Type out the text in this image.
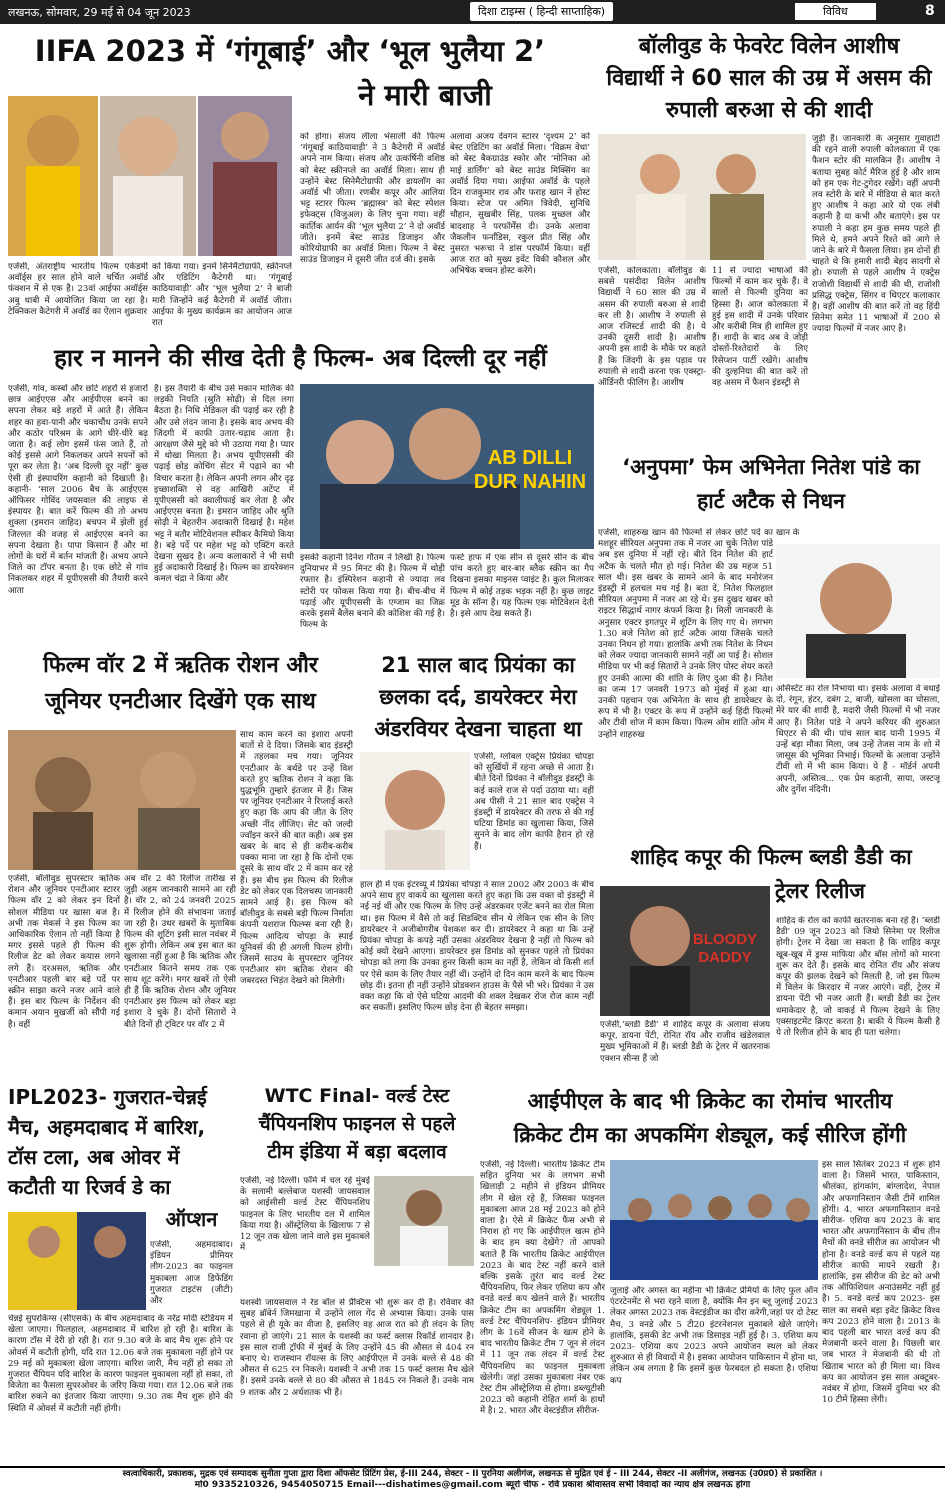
लखनऊ, सोमवार, 29 मई से 04 जून 2023	दिशा टाइम्स ( हिन्दी साप्ताहिक)	विविध	8
IIFA 2023 में ‘गंगूबाई’ और ‘भूल भुलैया 2’
ने मारी बाजी
एजेंसी, अंतराष्ट्रीय भारतीय फिल्म एकेडमी अवॉर्ड्स हर साल होने वाले चर्चित अवॉर्ड फंक्शन में से एक है। 23वां आईफा अवॉर्ड्स अबु धाबी में आयोजित किया जा रहा है। टेक्निकल कैटेगरी में अवॉर्ड का ऐलान शुक्रवार
को किया गया। इनमें सिनेमैटोग्राफी, स्क्रीनप्ले और एडिटिंग कैटेगरी था। ‘गंगूबाई काठियावाड़ी’ और ‘भूल भुलैया 2’ ने बाजी मारी जिन्होंने कई कैटेगरी में अवॉर्ड जीता। आईफा के मुख्य कार्यक्रम का आयोजन आज रात
को होगा। संजय लीला भंसाली की फिल्म ‘गंगूबाई काठियावाड़ी’ ने 3 कैटेगरी में अवॉर्ड अपने नाम किया। संजय और उत्कर्षिनी वशिष्ठ को बेस्ट स्क्रीनप्ले का अवॉर्ड मिला। साथ ही उन्होंने बेस्ट सिनेमैटोग्राफी और डायलॉग का अवॉर्ड भी जीता। रणबीर कपूर और आलिया भट्ट स्टारर फिल्म ‘ब्रह्मास्त्र’ को बेस्ट स्पेशल इफेक्ट्स (विजुअल) के लिए चुना गया। वहीं कार्तिक आर्यन की ‘भूल भुलैया 2’ ने दो अवॉर्ड जीते। इनमें बेस्ट साउंड डिजाइन और कोरियोग्राफी का अवॉर्ड मिला। फिल्म ने बेस्ट साउंड डिजाइन में दूसरी जीत दर्ज की। इसके
अलावा अजय देवगन स्टारर ‘दृश्यम 2’ को बेस्ट एडिटिंग का अवॉर्ड मिला। ‘विक्रम वेधा’ को बेस्ट बैकग्राउंड स्कोर और ‘मोनिका ओ माई डार्लिंग’ को बेस्ट साउंड मिक्सिंग का अवॉर्ड दिया गया। आईफा अवॉर्ड के पहले दिन राजकुमार राव और फराह खान ने होस्ट किया। स्टेज पर अमित त्रिवेदी, सुनिधि चौहान, सुखबीर सिंह, पलक मुच्छल और बादशाह ने परफॉर्मेंस दी। उनके अलावा जैकलीन फर्नांडिस, रकुल प्रीत सिंह और नुसरत भरूचा ने डांस परफॉर्म किया। वहीं आज रात को मुख्य इवेंट विकी कौशल और अभिषेक बच्चन होस्ट करेंगे।
बॉलीवुड के फेवरेट विलेन आशीष
विद्यार्थी ने 60 साल की उम्र में असम की
रुपाली बरुआ से की शादी
एजेंसी, कोलकाता। बॉलीवुड के सबसे पसंदीदा विलेन आशीष विद्यार्थी ने 60 साल की उम्र में असम की रुपाली बरुआ से शादी कर ली है। आशीष ने रुपाली से आज रजिस्टर्ड शादी की है। ये उनकी दूसरी शादी है। आशीष अपनी इस शादी के मौके पर कहते हैं कि जिंदगी के इस पड़ाव पर रुपाली से शादी करना एक एक्स्ट्रा-ऑर्डिनरी फीलिंग है। आशीष
11 से ज्यादा भाषाओं की फिल्मों में काम कर चुके हैं। वे सालों से फिल्मी दुनिया का हिस्सा हैं। आज कोलकाता में हुई इस शादी में उनके परिवार और करीबी मित्र ही शामिल हुए हैं। शादी के बाद अब वे जोड़ी दोस्तों-रिश्तेदारों के लिए रिसेप्शन पार्टी रखेंगे। आशीष की दुल्हनिया की बात करें तो वह असम में फैशन इंडस्ट्री से
जुड़ी हैं। जानकारी के अनुसार गुवाहाटी की रहने वाली रुपाली कोलकाता में एक फैशन स्टोर की मालकिन हैं। आशीष ने बताया सुबह कोर्ट मैरिज हुई है और शाम को हम एक गेट-टुगेदर रखेंगे। वहीं अपनी लव स्टोरी के बारे में मीडिया से बात करते हुए आशीष ने कहा आरे यो एक लंबी कहानी है या कभी और बताएंगे। इस पर रुपाली ने कहा हम कुछ समय पहले ही मिले थे, हमने अपने रिश्ते को आगे ले जाने के बारे में फैसला लिया। हम दोनों ही चाहते थे कि हमारी शादी बेहद सादगी से हो। रुपाली से पहले आशीष ने एक्ट्रेस राजोशी विद्यार्थी से शादी की थी, राजोशी प्रसिद्ध एक्ट्रेस, सिंगर व थिएटर कलाकार हैं। वहीं आशीष की बात करें तो वह हिंदी सिनेमा समेत 11 भाषाओं में 200 से ज्यादा फिल्मों में नजर आए है।
हार न मानने की सीख देती है फिल्म- अब दिल्ली दूर नहीं
एजेंसी, गांव, कस्बों और छोटे शहरों से हजारों छात्र आईएएस और आईपीएस बनने का सपना लेकर बड़े शहरों में आते हैं। लेकिन शहर का हवा-पानी और चकाचौंध उनके सपने और कठोर परिश्रम के आगे धीरे-धीरे बढ़ जाता है। कई लोग इसमें फंस जाते हैं, तो कोई इससे आगे निकलकर अपने सपनों को पूरा कर लेता है। ‘अब दिल्ली दूर नहीं’ कुछ ऐसी ही इंस्पायरिंग कहानी को दिखाती है। कहानी- ‘साल 2006 बैच के आईएएस ऑफिसर गोविंद जयसवाल की लाइफ से इंस्पायर है। बात करें फिल्म की तो अभय शुक्ला (इमरान जाहिद) बचपन में झेली हुई जिल्लत की वजह से आईएएस बनने का सपना देखता है। पापा किसान हैं और मां लोगों के घरों में बर्तन मांजती हैं। अभय अपने जिले का टॉपर बनता है। एक छोटे से गांव निकलकर शहर में यूपीएससी की तैयारी करने आता
है। इस तैयारी के बीच उसे मकान मालिक की लड़की नियति (स्रुति सोढ़ी) से दिल लगा बैठता है। निधि मेडिकल की पढ़ाई कर रही है और उसे लंदन जाना है। इसके बाद अभय की जिंदगी में काफी उतार-चढ़ाव आता है। आरक्षण जैसे मुद्दे को भी उठाया गया है। प्यार में धोखा मिलता है। अभय यूपीएससी की पढ़ाई छोड़ कोचिंग सेंटर में पढ़ाने का भी विचार करता है। लेकिन अपनी लगन और दृढ़ इच्छाशक्ति से वह आखिरी अटेंप्ट में यूपीएससी को क्वालीफाई कर लेता है और आईएएस बनता है। इमरान जाहिद और श्रुति सोढ़ी ने बेहतरीन अदाकारी दिखाई है। महेश भट्ट ने बतौर मोटिवेशनल स्पीकर कैमियो किया है। बड़े पर्दे पर महेश भट्ट को एक्टिंग करते देखना सुखद है। अन्य कलाकारों ने भी सधी हुई अदाकारी दिखाई है। फिल्म का डायरेक्शन कमल चंद्रा ने किया और
AB DILLI
DUR NAHIN
इसकी कहानी दिनेश गौतम ने लिखी है। फिल्म दुनियाभर में 95 मिनट की है। फिल्म में थोड़ी रफ्तार है। इंस्पिरेशन कहानी से ज्यादा लव स्टोरी पर फोकस किया गया है। बीच-बीच में पढ़ाई और यूपीएससी के एग्जाम का जिक्र करके इसमें बैलेंस बनाने की कोशिश की गई है। फिल्म के
फर्स्ट हाफ में एक सीन से दूसरे सीन के बीच पांच करते हुए बार-बार ब्लैक स्क्रीन का गैप दिखना इसका माइनस प्वाइंट है। कुल मिलाकर फिल्म में कोई तड़क भड़क नहीं है। कुछ लाइट मूड के सॉन्ग हैं। यह फिल्म एक मोटिवेशन देती है। इसे आप देख सकते हैं।
‘अनुपमा’ फेम अभिनेता नितेश पांडे का
हार्ट अटैक से निधन
एजेंसी, शाहरुख खान की फिल्मों से लेकर छोटे पर्दे का मशहूर सीरियल अनुपमा तक में नजर आ चुके नितेश पांडे अब इस दुनिया में नहीं रहे। बीते दिन नितेश की हार्ट अटैक के चलते मौत हो गई। नितेश की उम्र महज 51 साल थी। इस खबर के सामने आने के बाद मनोरंजन इंडस्ट्री में हलचल मच गई है। बता दें, नितेश फिलहाल सीरियल अनुपमा में नजर आ रहे थे। इस दुखद खबर को राइटर सिद्धार्थ नागर कंफर्म किया है। मिली जानकारी के अनुसार एक्टर इगतपुर में शूटिंग के लिए गए थे। लगभग 1.30 बजे नितेश को हार्ट अटैक आया जिसके चलते उनका निधन हो गया। हालांकि अभी तक नितेश के निधन को लेकर ज्यादा जानकारी सामने नहीं आ पाई है। सोशल मीडिया पर भी कई सितारों ने उनके लिए पोस्ट शेयर करते हुए उनकी आत्मा की शांति के लिए दुआ की है। नितेश का जन्म 17 जनवरी 1973 को मुंबई में हुआ था। उनकी पहचान एक अभिनेता के साथ ही डायरेक्टर के रूप में भी है। एक्टर के रूप में उन्होंने कई हिंदी फिल्मों और टीवी शोज में काम किया। फिल्म ओम शांति ओम में उन्होंने शाहरुख
खान के
असिस्टेंट का रोल निभाया था। इसके अलावा वे बधाई दो, रंगून, हंटर, दबंग 2, बाजी, खोसला का घोसला, मेरे यार की शादी है, मदारी जैसी फिल्मों में भी नजर आए हैं। नितेश पांडे ने अपने करियर की शुरुआत थिएटर से की थी। पांच साल बाद यानी 1995 में उन्हें बड़ा मौका मिला, जब उन्हें तेजस नाम के शो में जासूस की भूमिका निभाई। फिल्मों के अलावा उन्होंने टीवी शो में भी काम किया। ये हैं - मॉर्डर्न अपनी अपनी, अस्तित्व... एक प्रेम कहानी, साया, जस्टजू और दुर्गेश नंदिनी।
फिल्म वॉर 2 में ऋतिक रोशन और
जूनियर एनटीआर दिखेंगे एक साथ
एजेंसी, बॉलीवुड सुपरस्टार ऋतिक रोशन और जूनियर एनटीआर स्टारर फिल्म वॉर 2 को लेकर इन दिनों सोशल मीडिया पर खासा बज है। अभी तक मेकर्स ने इस फिल्म का आधिकारिक ऐलान तो नहीं किया है मगर इससे पहले ही फिल्म की रिलीज डेट को लेकर कयास लगने लगे हैं। दरअसल, ऋतिक और एनटीआर पहली बार बड़े पर्दे पर स्क्रीन साझा करने नजर आने वाले हैं। इस बार फिल्म के निर्देशन की कमान अयान मुखर्जी को सौंपी गई है। वहीं
अब वॉर 2 की रिलीज तारीख से जुड़ी अहम जानकारी सामने आ रही है। वॉर 2, को 24 जनवरी 2025 में रिलीज होने की संभावना जताई जा रही है। उधर खबरों के मुताबिक फिल्म की शूटिंग इसी साल नवंबर में शुरू होगी। लेकिन अब इस बात का खुलासा नहीं हुआ है कि ऋतिक और एनटीआर कितने समय तक एक साथ शूट करेंगे। मगर खबरें तो ऐसी ही हैं कि ऋतिक रोशन और जूनियर एनटीआर इस फिल्म को लेकर बड़ा इशारा दे चुके हैं। दोनों सितारों ने बीते दिनों ही ट्विटर पर वॉर 2 में
साथ काम करने का इशारा अपनी बातों से दे दिया। जिसके बाद इंडस्ट्री में तहलका मच गया। जूनियर एनटीआर के बर्थडे पर उन्हें विश करते हुए ऋतिक रोशन ने कहा कि युद्धभूमि तुम्हारे इंतजार में हैं। जिस पर जूनियर एनटीआर ने रिप्लाई करते हुए कहा कि आप की जीत के लिए अच्छी नींद लीजिए। सेट को जल्दी ज्वॉइन करने की बात कही। अब इस खबर के बाद से ही करीब-करीब पक्का माना जा रहा है कि दोनों एक दूसरे के साथ वॉर 2 में काम कर रहे हैं। इस बीच इस फिल्म की रिलीज डेट को लेकर एक दिलचस्प जानकारी सामने आई है। इस फिल्म को बॉलीवुड के सबसे बड़ी फिल्म निर्माता कंपनी यशराज फिल्म्स बना रही है। फिल्म आदित्य चोपड़ा के स्पाई यूनिवर्स की ही अगली फिल्म होगी। जिसमें साउथ के सुपरस्टार जूनियर एनटीआर संग ऋतिक रोशन की जबरदस्त भिड़ंत देखने को मिलेगी।
21 साल बाद प्रियंका का
छलका दर्द, डायरेक्टर मेरा
अंडरवियर देखना चाहता था
एजेंसी, ग्लोबल एक्ट्रेस प्रियंका चोपड़ा को सुर्खियों में रहना अच्छे से आता है। बीते दिनों प्रियंका ने बॉलीवुड इंडस्ट्री के कई काले राज से पर्दा उठाया था। वहीं अब पीसी ने 21 साल बाद एक्ट्रेस ने इंडस्ट्री में डायरेक्टर की तरफ से की गई घटिया डिमांड का खुलासा किया, जिसे सुनने के बाद लोग काफी हैरान हो रहे हैं।
हाल ही में एक इंटरव्यू में प्रियंका चोपड़ा ने साल 2002 और 2003 के बीच अपने साथ हुए वाकये का खुलासा करते हुए कहा कि उस वक्त वो इंडस्ट्री में नई नई थीं और एक फिल्म के लिए उन्हें अंडरकवर एजेंट बनने का रोल मिला था। इस फिल्म में वैसे तो कई सिडक्टिव सीन थे लेकिन एक सीन के लिए डायरेक्टर ने अजीबोगरीब पेशकश कर दी। डायरेक्टर ने कहा था कि उन्हें प्रियंका चोपड़ा के कपड़े नहीं उसका अंडरवियर देखना है नहीं तो फिल्म को कोई क्यों देखने आएगा। डायरेक्टर इस डिमांड को सुनकर पहले तो प्रियंका चोपड़ा को लगा कि उनका हुनर किसी काम का नहीं है, लेकिन वो किसी शर्त पर ऐसे काम के लिए तैयार नहीं थीं। उन्होंने दो दिन काम करने के बाद फिल्म छोड़ दी। इतना ही नहीं उन्होंने प्रोडक्शन हाउस के पैसे भी भरे। प्रियंका ने उस वक्त कहा कि वो ऐसे घटिया आदमी की शक्ल देखकर रोज रोज काम नहीं कर सकतीं। इसलिए फिल्म छोड़ देना ही बेहतर समझा।
शाहिद कपूर की फिल्म ब्लडी डैडी का
ट्रेलर रिलीज
BLOODY
DADDY
एजेंसी,‘ब्लडी डैडी’ में शाहिद कपूर के अलावा संजय कपूर, डायना पेंटी, रोनित रॉय और राजीव खंडेलवाल मुख्य भूमिकाओं में हैं। ब्लडी डैडी के ट्रेलर में खतरनाक एक्शन सीन्स हैं जो
शाहिद के रोल को काफी खतरनाक बना रहे हैं। ‘ब्लडी डैडी’ 09 जून 2023 को जियो सिनेमा पर रिलीज होगी। ट्रेलर में देखा जा सकता है कि शाहिद कपूर खूब-खूब में ड्रग्स माफिया और बॉस लोगों को मारना शुरू कर देते हैं। इसके बाद रोनित रॉय और संजय कपूर की झलक देखने को मिलती है, जो इस फिल्म में विलेन के किरदार में नजर आएंगे। वहीं, ट्रेलर में डायना पेंटी भी नजर आती हैं। ब्लडी डैडी का ट्रेलर धमाकेदार है, जो वाकई में फिल्म देखने के लिए एक्साइटमेंट क्रिएट करता है। बाकी ये फिल्म कैसी है ये तो रिलीज होने के बाद ही पता चलेगा।
IPL2023- गुजरात-चेन्नई
मैच, अहमदाबाद में बारिश,
टॉस टला, अब ओवर में
कटौती या रिजर्व डे का
ऑप्शन
एजेंसी, अहमदाबाद। इंडियन प्रीमियर लीग-2023 का फाइनल मुकाबला आज डिफेंडिंग गुजरात टाइटंस (जीटी) और
चेन्नई सुपरकिंग्स (सीएसके) के बीच अहमदाबाद के नरेंद्र मोदी स्टेडियम में खेला जाएगा। फिलहाल, अहमदाबाद में बारिश हो रही है। बारिश के कारण टॉस में देरी हो रही है। रात 9.30 बजे के बाद मैच शुरू होने पर ओवर्स में कटौती होगी, यदि रात 12.06 बजे तक मुकाबला नहीं होने पर 29 मई को मुकाबला खेला जाएगा। बारिश जारी, मैच नहीं हो सका तो गुजरात चैंपियन यदि बारिश के कारण फाइनल मुकाबला नहीं हो सका, तो विजेता का फैसला सुपरओवर के जरिए किया गया। रात 12.06 बजे तक बारिश रुकने का इंतजार किया जाएगा। 9.30 तक मैच शुरू होने की स्थिति में ओवर्स में कटौती नहीं होगी।
WTC Final- वर्ल्ड टेस्ट
चैंपियनशिप फाइनल से पहले
टीम इंडिया में बड़ा बदलाव
एजेंसी, नई दिल्ली। फॉर्म में चल रहे मुंबई के सलामी बल्लेबाज यशस्वी जायसवाल को आईसीसी वर्ल्ड टेस्ट चैंपियनशिप फाइनल के लिए भारतीय दल में शामिल किया गया है। ऑस्ट्रेलिया के खिलाफ 7 से 12 जून तक खेला जाने वाले इस मुकाबले में
यशस्वी जायसवाल ने रेड बॉल से प्रैक्टिस भी शुरू कर दी है। रविवार की सुबह ब्रॉबेर्न जिमखाना में उन्होंने लाल गेंद से अभ्यास किया। उनके पास पहले से ही यूके का वीजा है, इसलिए वह आज रात को ही लंदन के लिए रवाना हो जाएंगे। 21 साल के यशस्वी का फर्स्ट क्लास रिकॉर्ड शानदार है। इस साल राजी ट्रॉफी में मुंबई के लिए उन्होंने 45 की औसत से 404 रन बनाए थे। राजस्थान रॉयल्स के लिए आईपीएल में उनके बल्ले से 48 की औसत से 625 रन निकले। यशस्वी ने अभी तक 15 फर्स्ट क्लास मैच खेले हैं। इसमें उनके बल्ले से 80 की औसत से 1845 रन निकले हैं। उनके नाम 9 शतक और 2 अर्धशतक भी हैं।
आईपीएल के बाद भी क्रिकेट का रोमांच भारतीय
क्रिकेट टीम का अपकमिंग शेड्यूल, कई सीरिज होंगी
एजेंसी, नई दिल्ली। भारतीय क्रिकेट टीम सहित दुनिया भर के लगभग सभी खिलाड़ी 2 महीने से इंडियन प्रीमियर लीग में खेल रहे हैं, जिसका फाइनल मुकाबला आज 28 मई 2023 को होने वाला है। ऐसे में क्रिकेट फैंस अभी से निराश हो गए कि आईपीएल खत्म होने के बाद हम क्या देखेंगे? तो आपको बताते हैं कि भारतीय क्रिकेट आईपीएल 2023 के बाद टेस्ट नहीं करने वाले बल्कि इसके तुरंत बाद वर्ल्ड टेस्ट चैंपियनशिप, फिर लेकर एशिया कप और वनडे वर्ल्ड कप खेलने वाले हैं। भारतीय क्रिकेट टीम का अपकमिंग शेड्यूल 1. वर्ल्ड टेस्ट चैंपियनशिप- इंडियन प्रीमियर लीग के 16वें सीजन के खत्म होने के बाद भारतीय क्रिकेट टीम 7 जून से लंदन में 11 जून तक लंदन में वर्ल्ड टेस्ट चैंपियनशिप का फाइनल मुकाबला खेलेगी। जहां उसका मुकाबला नंबर एक टेस्ट टीम ऑस्ट्रेलिया से होगा। डब्ल्यूटीसी 2023 को कहानी रोहित शर्मा के हाथों में है। 2. भारत और वेस्टइंडीज सीरीज-
जुलाई और अगस्त का महीना भी क्रिकेट प्रेमियों के लिए फुल ऑन एंटरटेनमेंट से भरा रहने वाला है, क्योंकि मैन इन ब्लू जुलाई 2023 लेकर अगस्त 2023 तक वेस्टइंडीज का दौरा करेगी,जहां पर दो टेस्ट मैच, 3 वनडे और 5 टी20 इंटरनेशनल मुकाबले खेले जाएंगे। हालांकि, इसकी डेट अभी तक डिसाइड नहीं हुई है। 3. एशिया कप 2023- एशिया कप 2023 अपने आयोजन स्थल को लेकर शुरुआत से ही विवादों में है। इसका आयोजन पाकिस्तान में होना था, लेकिन अब लगता है कि इसमें कुछ फेरबदल हो सकता है। एशिया कप
इस साल सितंबर 2023 में शुरू होने वाला है। जिसमें भारत, पाकिस्तान, श्रीलंका, हांगकांग, बांग्लादेश, नेपाल और अफगानिस्तान जैसी टीमें शामिल होंगी। 4. भारत अफगानिस्तान वनडे सीरीज- एशिया कप 2023 के बाद भारत और अफगानिस्तान के बीच तीन मैचों की वनडे सीरीज का आयोजन भी होना है। वनडे वर्ल्ड कप से पहले यह सीरीज काफी मायने रखती है। हालांकि, इस सीरीज की डेट को अभी तक ऑफिशियल अनाउंसमेंट नहीं हुई है। 5. वनडे वर्ल्ड कप 2023- इस साल का सबसे बड़ा इवेंट क्रिकेट विश्व कप 2023 होने वाला है। 2013 के बाद पहली बार भारत वर्ल्ड कप की मेजबानी करने वाला है। पिछली बार जब भारत ने मेजबानी की थी तो खिताब भारत को ही मिला था। विश्व कप का आयोजन इस साल अक्टूबर-नवंबर में होगा, जिसमें दुनिया भर की 10 टीमें हिस्सा लेंगी।
स्वत्वाधिकारी, प्रकाशक, मुद्रक एवं सम्पादक सुनीता गुप्ता द्वारा दिशा ऑफसेट प्रिंटिंग प्रेस, ई-III 244, सेक्टर - II पुरनिया अलीगंज, लखनऊ से मुद्रित एवं ई - III 244, सेक्टर -II अलीगंज, लखनऊ (उ0प्र0) से प्रकाशित ।
मो0 9335210326, 9454050715 Email---dishatimes@gmail.com ब्यूरो चीफ - रवि प्रकाश श्रीवास्तव सभी विवादों का न्याय क्षेत्र लखनऊ होगा
